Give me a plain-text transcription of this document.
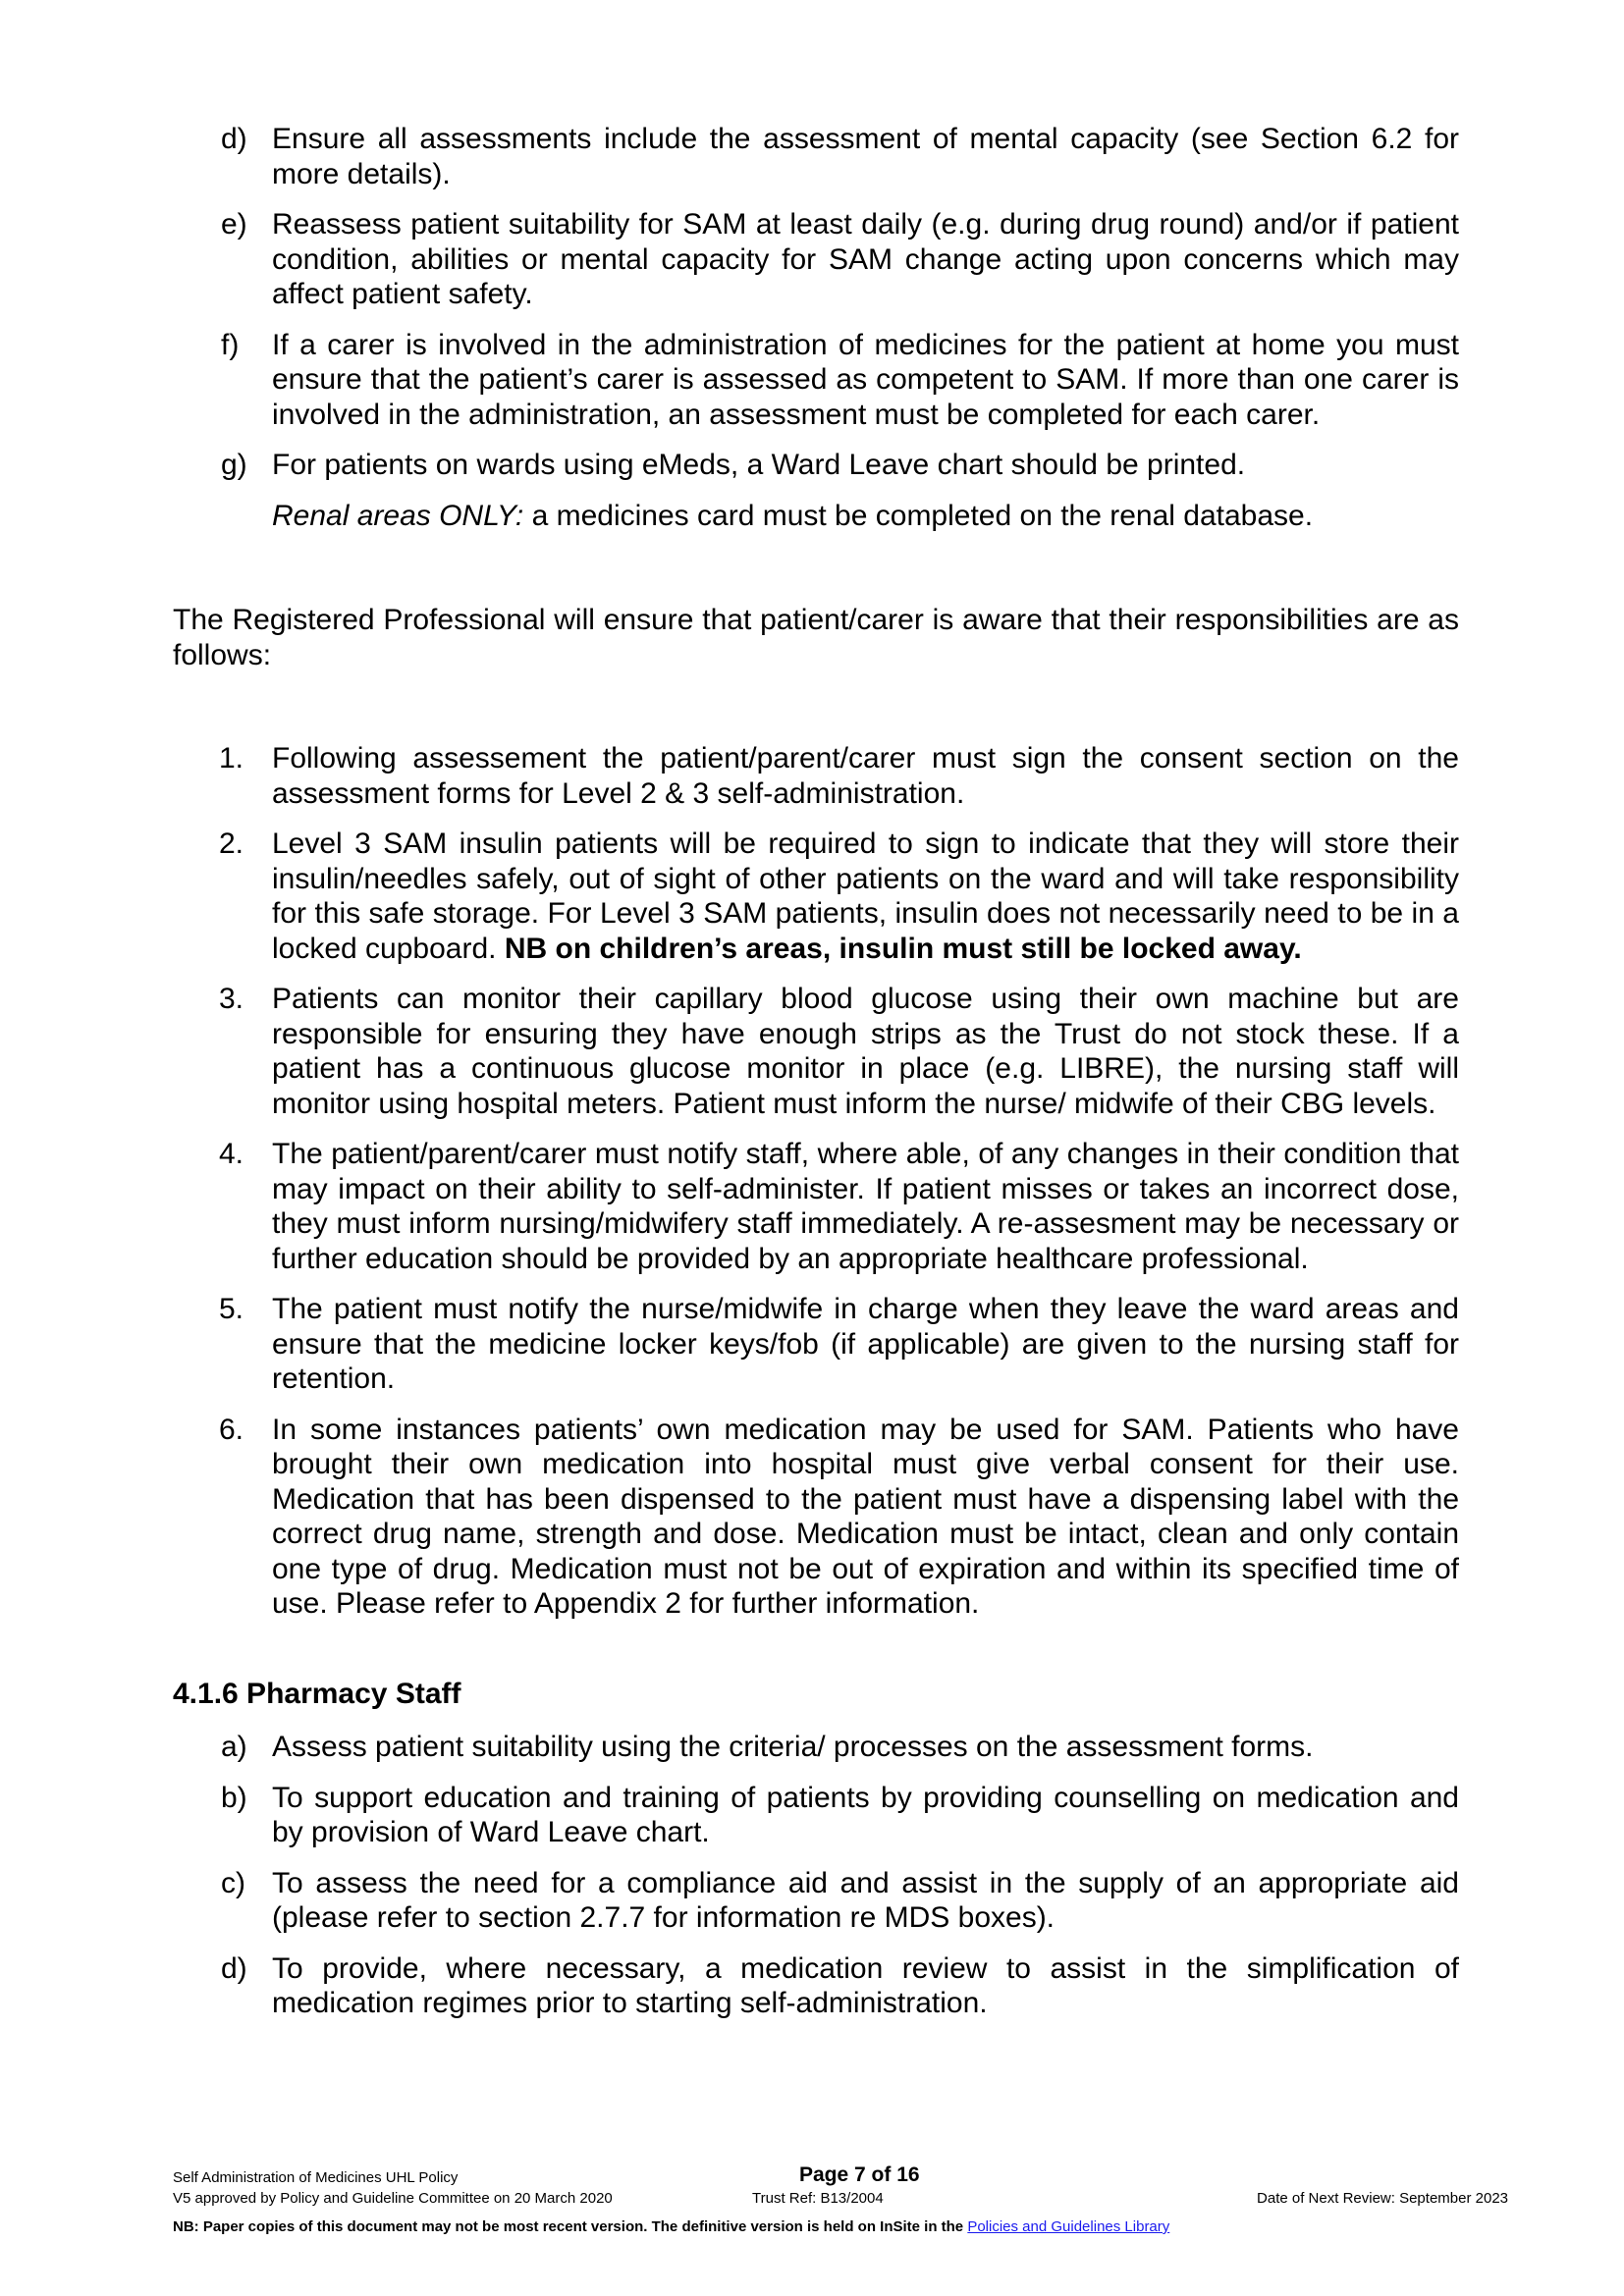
d) Ensure all assessments include the assessment of mental capacity (see Section 6.2 for more details).
e) Reassess patient suitability for SAM at least daily (e.g. during drug round) and/or if patient condition, abilities or mental capacity for SAM change acting upon concerns which may affect patient safety.
f)	If a carer is involved in the administration of medicines for the patient at home you must ensure that the patient’s carer is assessed as competent to SAM. If more than one carer is involved in the administration, an assessment must be completed for each carer.
g) For patients on wards using eMeds, a Ward Leave chart should be printed.
Renal areas ONLY: a medicines card must be completed on the renal database.
The Registered Professional will ensure that patient/carer is aware that their responsibilities are as follows:
1. Following assessement the patient/parent/carer must sign the consent section on the assessment forms for Level 2 & 3 self-administration.
2. Level 3 SAM insulin patients will be required to sign to indicate that they will store their insulin/needles safely, out of sight of other patients on the ward and will take responsibility for this safe storage. For Level 3 SAM patients, insulin does not necessarily need to be in a locked cupboard. NB on children’s areas, insulin must still be locked away.
3. Patients can monitor their capillary blood glucose using their own machine but are responsible for ensuring they have enough strips as the Trust do not stock these. If a patient has a continuous glucose monitor in place (e.g. LIBRE), the nursing staff will monitor using hospital meters. Patient must inform the nurse/ midwife of their CBG levels.
4. The patient/parent/carer must notify staff, where able, of any changes in their condition that may impact on their ability to self-administer. If patient misses or takes an incorrect dose, they must inform nursing/midwifery staff immediately. A re-assesment may be necessary or further education should be provided by an appropriate healthcare professional.
5. The patient must notify the nurse/midwife in charge when they leave the ward areas and ensure that the medicine locker keys/fob (if applicable) are given to the nursing staff for retention.
6. In some instances patients’ own medication may be used for SAM. Patients who have brought their own medication into hospital must give verbal consent for their use. Medication that has been dispensed to the patient must have a dispensing label with the correct drug name, strength and dose. Medication must be intact, clean and only contain one type of drug. Medication must not be out of expiration and within its specified time of use. Please refer to Appendix 2 for further information.
4.1.6 Pharmacy Staff
a) Assess patient suitability using the criteria/ processes on the assessment forms.
b) To support education and training of patients by providing counselling on medication and by provision of Ward Leave chart.
c) To assess the need for a compliance aid and assist in the supply of an appropriate aid (please refer to section 2.7.7 for information re MDS boxes).
d) To provide, where necessary, a medication review to assist in the simplification of medication regimes prior to starting self-administration.
Self Administration of Medicines UHL Policy	Page 7 of 16
V5 approved by Policy and Guideline Committee on 20 March 2020	Trust Ref: B13/2004	Date of Next Review: September 2023
NB: Paper copies of this document may not be most recent version. The definitive version is held on InSite in the Policies and Guidelines Library
